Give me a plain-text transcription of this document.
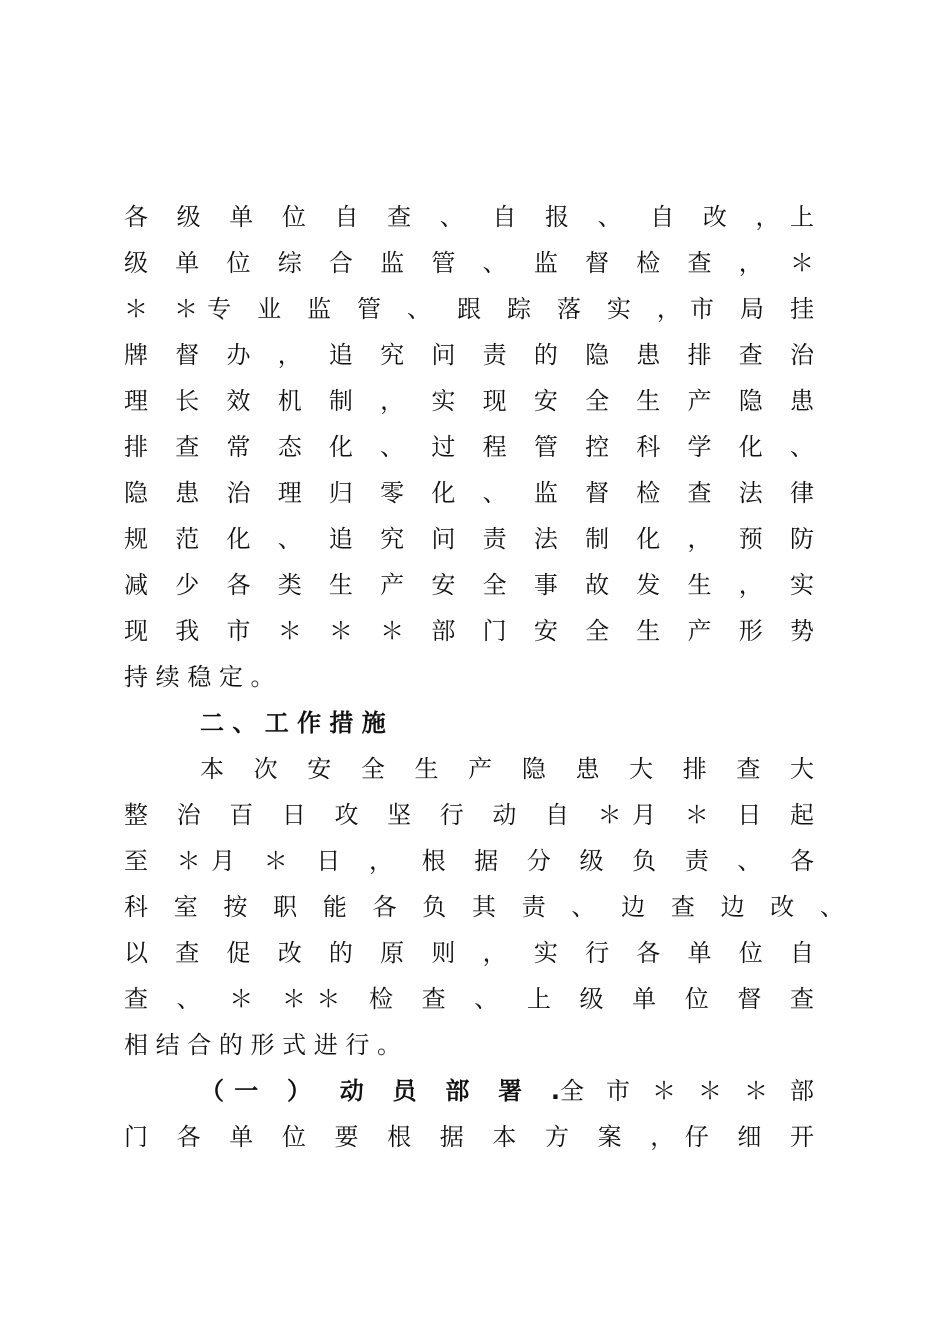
各 级 单 位 自 查 、 自 报 、 自 改 ，上
级 单 位 综 合 监 管 、 监 督 检 查 ， ＊
＊ ＊专 业 监 管 、 跟 踪 落 实 ，市 局 挂
牌 督 办 ， 追 究 问 责 的 隐 患 排 查 治
理 长 效 机 制 ， 实 现 安 全 生 产 隐 患
排 查 常 态 化 、 过 程 管 控 科 学 化 、
隐 患 治 理 归 零 化 、 监 督 检 查 法 律
规 范 化 、 追 究 问 责 法 制 化 ， 预 防
减 少 各 类 生 产 安 全 事 故 发 生 ， 实
现 我 市 ＊ ＊ ＊ 部 门 安 全 生 产 形 势
持 续 稳 定 。
二 、 工 作 措 施
本 次 安 全 生 产 隐 患 大 排 查 大
整 治 百 日 攻 坚 行 动 自 ＊月 ＊ 日 起
至 ＊月 ＊ 日 ， 根 据 分 级 负 责 、 各
科 室 按 职 能 各 负 其 责 、 边 查 边 改 、
以 查 促 改 的 原 则 ， 实 行 各 单 位 自
查 、 ＊ ＊＊ 检 查 、 上 级 单 位 督 查
相 结 合 的 形 式 进 行 。
（一 ） 动 员 部 署 .全 市 ＊ ＊ ＊ 部
门 各 单 位 要 根 据 本 方 案 ，仔 细 开
